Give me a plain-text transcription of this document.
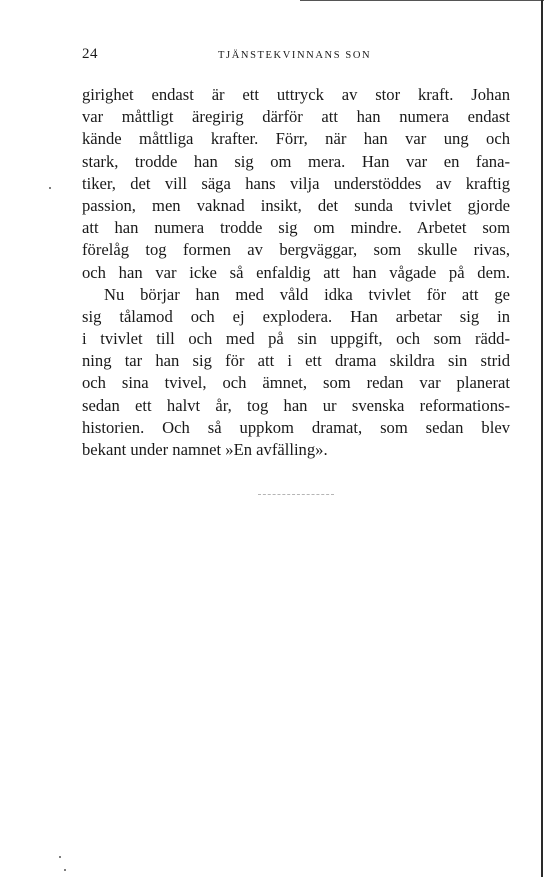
24	TJÄNSTEKVINNANS SON
girighet endast är ett uttryck av stor kraft. Johan
var måttligt äregirig därför att han numera endast
kände måttliga krafter. Förr, när han var ung och
stark, trodde han sig om mera. Han var en fana-
tiker, det vill säga hans vilja understöddes av kraftig
passion, men vaknad insikt, det sunda tvivlet gjorde
att han numera trodde sig om mindre. Arbetet som
förelåg tog formen av bergväggar, som skulle rivas,
och han var icke så enfaldig att han vågade på dem.
Nu börjar han med våld idka tvivlet för att ge
sig tålamod och ej explodera. Han arbetar sig in
i tvivlet till och med på sin uppgift, och som rädd-
ning tar han sig för att i ett drama skildra sin strid
och sina tvivel, och ämnet, som redan var planerat
sedan ett halvt år, tog han ur svenska reformations-
historien. Och så uppkom dramat, som sedan blev
bekant under namnet »En avfälling».
